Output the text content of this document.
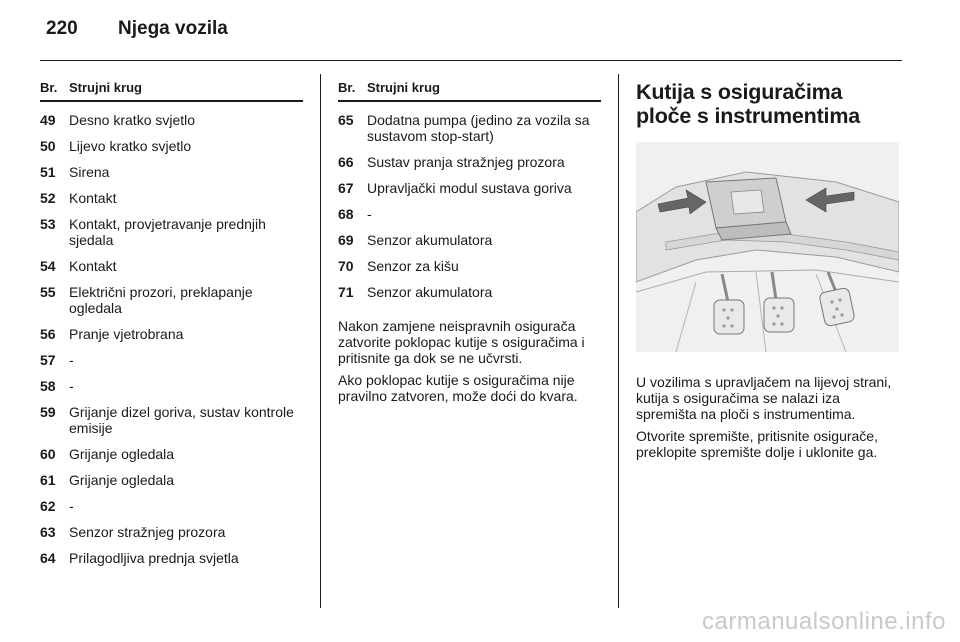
220 Njega vozila
Br. Strujni krug
49 Desno kratko svjetlo
50 Lijevo kratko svjetlo
51 Sirena
52 Kontakt
53 Kontakt, provjetravanje prednjih sjedala
54 Kontakt
55 Električni prozori, preklapanje ogledala
56 Pranje vjetrobrana
57 -
58 -
59 Grijanje dizel goriva, sustav kontrole emisije
60 Grijanje ogledala
61 Grijanje ogledala
62 -
63 Senzor stražnjeg prozora
64 Prilagodljiva prednja svjetla
Br. Strujni krug
65 Dodatna pumpa (jedino za vozila sa sustavom stop-start)
66 Sustav pranja stražnjeg prozora
67 Upravljački modul sustava goriva
68 -
69 Senzor akumulatora
70 Senzor za kišu
71 Senzor akumulatora

Nakon zamjene neispravnih osigurača zatvorite poklopac kutije s osiguračima i pritisnite ga dok se ne učvrsti.

Ako poklopac kutije s osiguračima nije pravilno zatvoren, može doći do kvara.

Kutija s osiguračima ploče s instrumentima

U vozilima s upravljačem na lijevoj strani, kutija s osiguračima se nalazi iza spremišta na ploči s instrumentima.

Otvorite spremište, pritisnite osigurače, preklopite spremište dolje i uklonite ga.

carmanualsonline.info
